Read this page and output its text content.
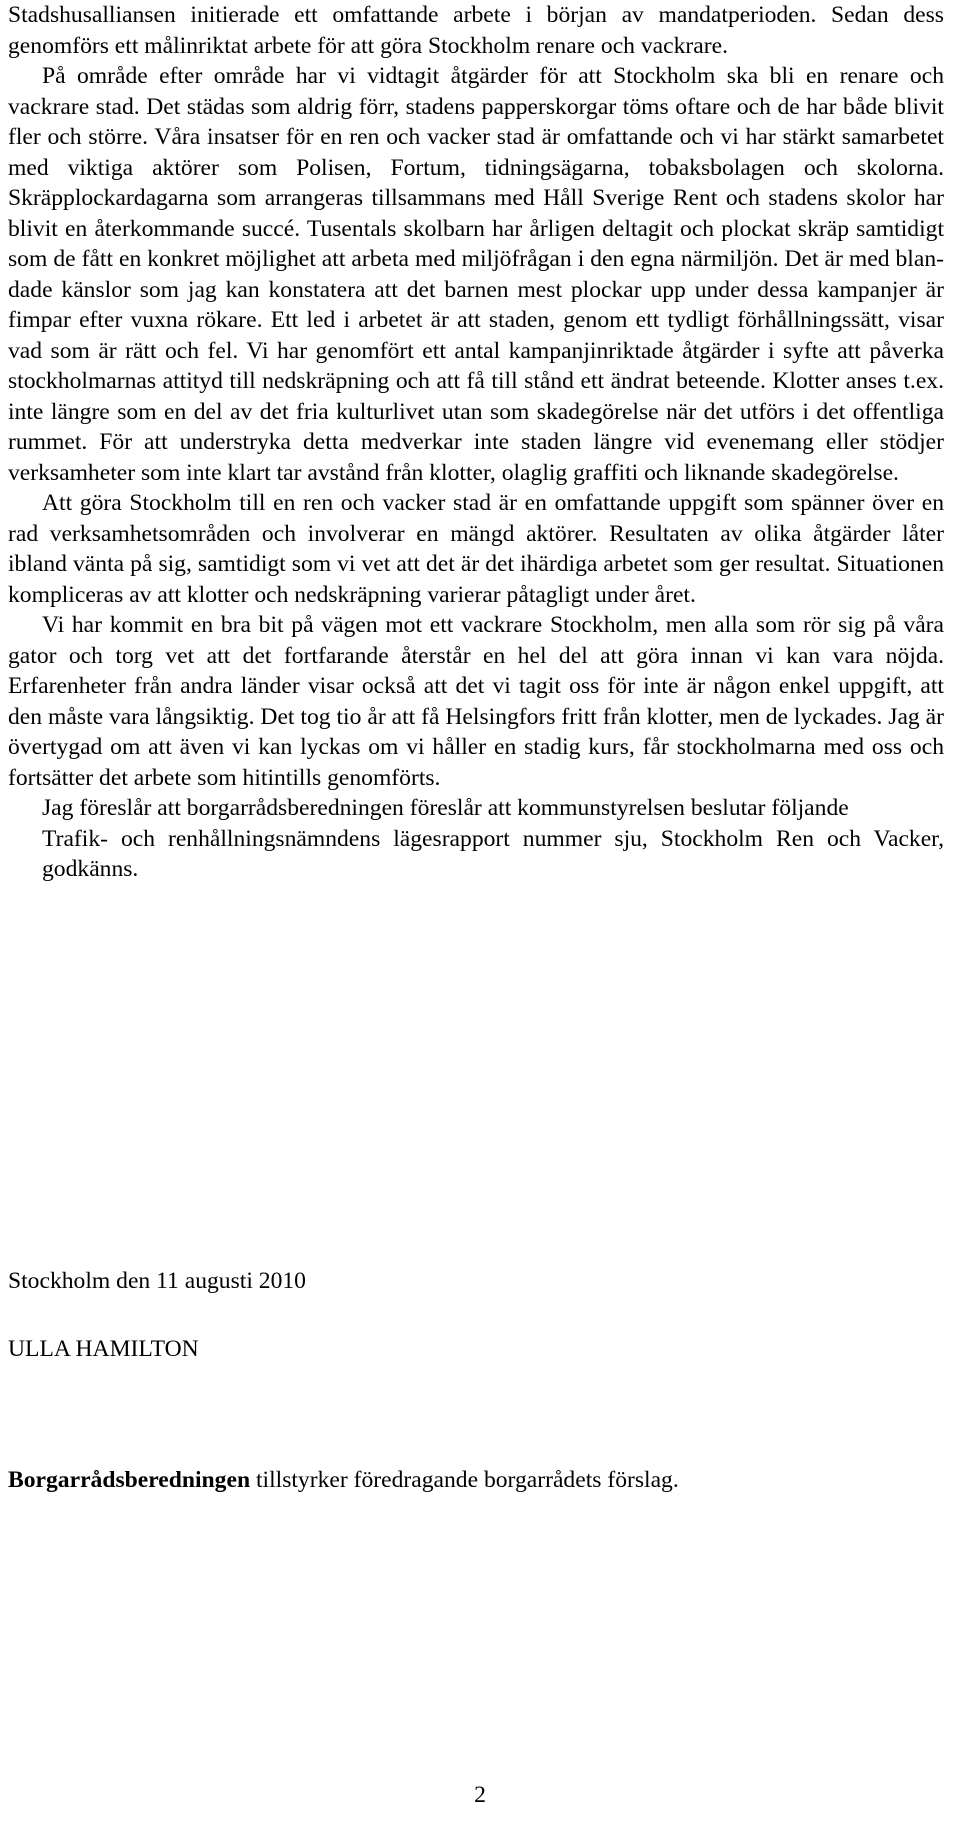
Stadshusalliansen initierade ett omfattande arbete i början av mandatperioden. Sedan dess genomförs ett målinriktat arbete för att göra Stockholm renare och vackrare.

På område efter område har vi vidtagit åtgärder för att Stockholm ska bli en renare och vackrare stad. Det städas som aldrig förr, stadens papperskorgar töms oftare och de har både blivit fler och större. Våra insatser för en ren och vacker stad är omfattande och vi har stärkt samarbetet med viktiga aktörer som Polisen, Fortum, tidningsägarna, tobaksbolagen och skolorna. Skräpplockardagarna som arrangeras tillsammans med Håll Sverige Rent och stadens skolor har blivit en återkommande succé. Tusentals skolbarn har årligen deltagit och plockat skräp samtidigt som de fått en konkret möjlighet att arbeta med miljöfrågan i den egna närmiljön. Det är med blandade känslor som jag kan konstatera att det barnen mest plockar upp under dessa kampanjer är fimpar efter vuxna rökare. Ett led i arbetet är att staden, genom ett tydligt förhållningssätt, visar vad som är rätt och fel. Vi har genomfört ett antal kampanjinriktade åtgärder i syfte att påverka stockholmarnas attityd till nedskräpning och att få till stånd ett ändrat beteende. Klotter anses t.ex. inte längre som en del av det fria kulturlivet utan som skadegörelse när det utförs i det offentliga rummet. För att understryka detta medverkar inte staden längre vid evenemang eller stödjer verksamheter som inte klart tar avstånd från klotter, olaglig graffiti och liknande skadegörelse.

Att göra Stockholm till en ren och vacker stad är en omfattande uppgift som spänner över en rad verksamhetsområden och involverar en mängd aktörer. Resultaten av olika åtgärder låter ibland vänta på sig, samtidigt som vi vet att det är det ihärdiga arbetet som ger resultat. Situationen kompliceras av att klotter och nedskräpning varierar påtagligt under året.

Vi har kommit en bra bit på vägen mot ett vackrare Stockholm, men alla som rör sig på våra gator och torg vet att det fortfarande återstår en hel del att göra innan vi kan vara nöjda. Erfarenheter från andra länder visar också att det vi tagit oss för inte är någon enkel uppgift, att den måste vara långsiktig. Det tog tio år att få Helsingfors fritt från klotter, men de lyckades. Jag är övertygad om att även vi kan lyckas om vi håller en stadig kurs, får stockholmarna med oss och fortsätter det arbete som hitintills genomförts.

Jag föreslår att borgarrådsberedningen föreslår att kommunstyrelsen beslutar följande

Trafik- och renhållningsnämndens lägesrapport nummer sju, Stockholm Ren och Vacker, godkänns.

Stockholm den 11 augusti 2010
ULLA HAMILTON
Borgarrådsberedningen tillstyrker föredragande borgarrådets förslag.
2
